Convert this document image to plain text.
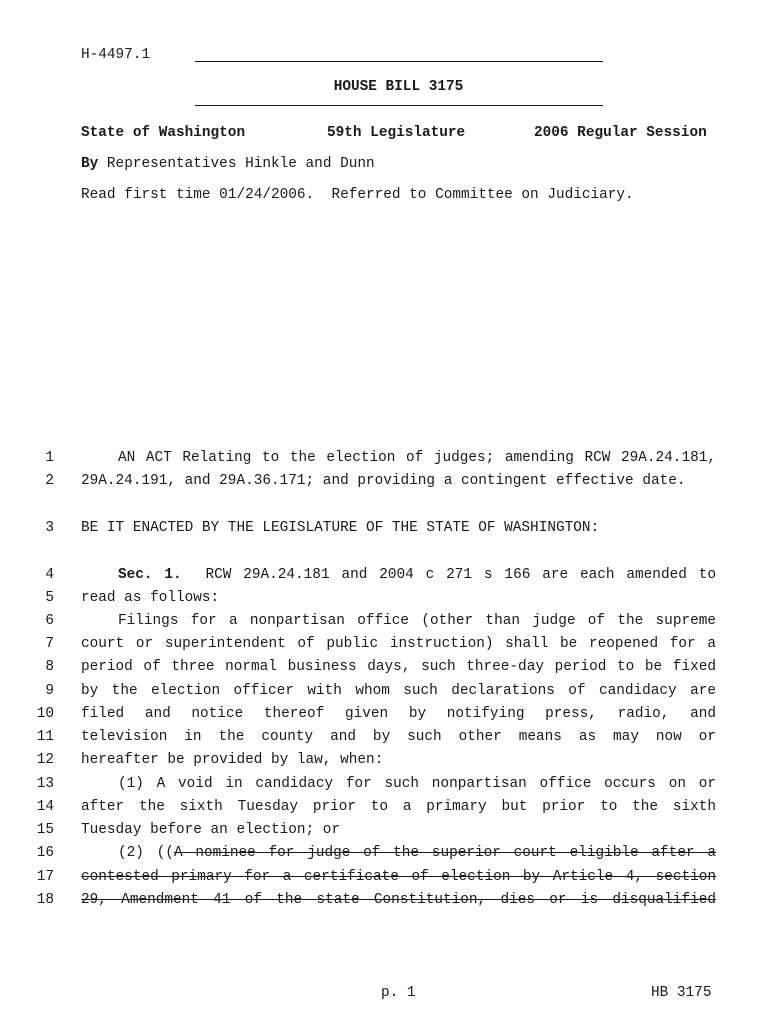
H-4497.1
HOUSE BILL 3175
State of Washington	59th Legislature	2006 Regular Session
By Representatives Hinkle and Dunn
Read first time 01/24/2006.  Referred to Committee on Judiciary.
1	AN ACT Relating to the election of judges; amending RCW 29A.24.181,
2 29A.24.191, and 29A.36.171; and providing a contingent effective date.
3 BE IT ENACTED BY THE LEGISLATURE OF THE STATE OF WASHINGTON:
4	Sec. 1. RCW 29A.24.181 and 2004 c 271 s 166 are each amended to
5 read as follows:
6	Filings for a nonpartisan office (other than judge of the supreme
7 court or superintendent of public instruction) shall be reopened for a
8 period of three normal business days, such three-day period to be fixed
9 by the election officer with whom such declarations of candidacy are
10 filed and notice thereof given by notifying press, radio, and
11 television in the county and by such other means as may now or
12 hereafter be provided by law, when:
13	(1) A void in candidacy for such nonpartisan office occurs on or
14 after the sixth Tuesday prior to a primary but prior to the sixth
15 Tuesday before an election; or
16	(2) ((A nominee for judge of the superior court eligible after a
17 contested primary for a certificate of election by Article 4, section
18 29, Amendment 41 of the state Constitution, dies or is disqualified
p. 1	HB 3175
